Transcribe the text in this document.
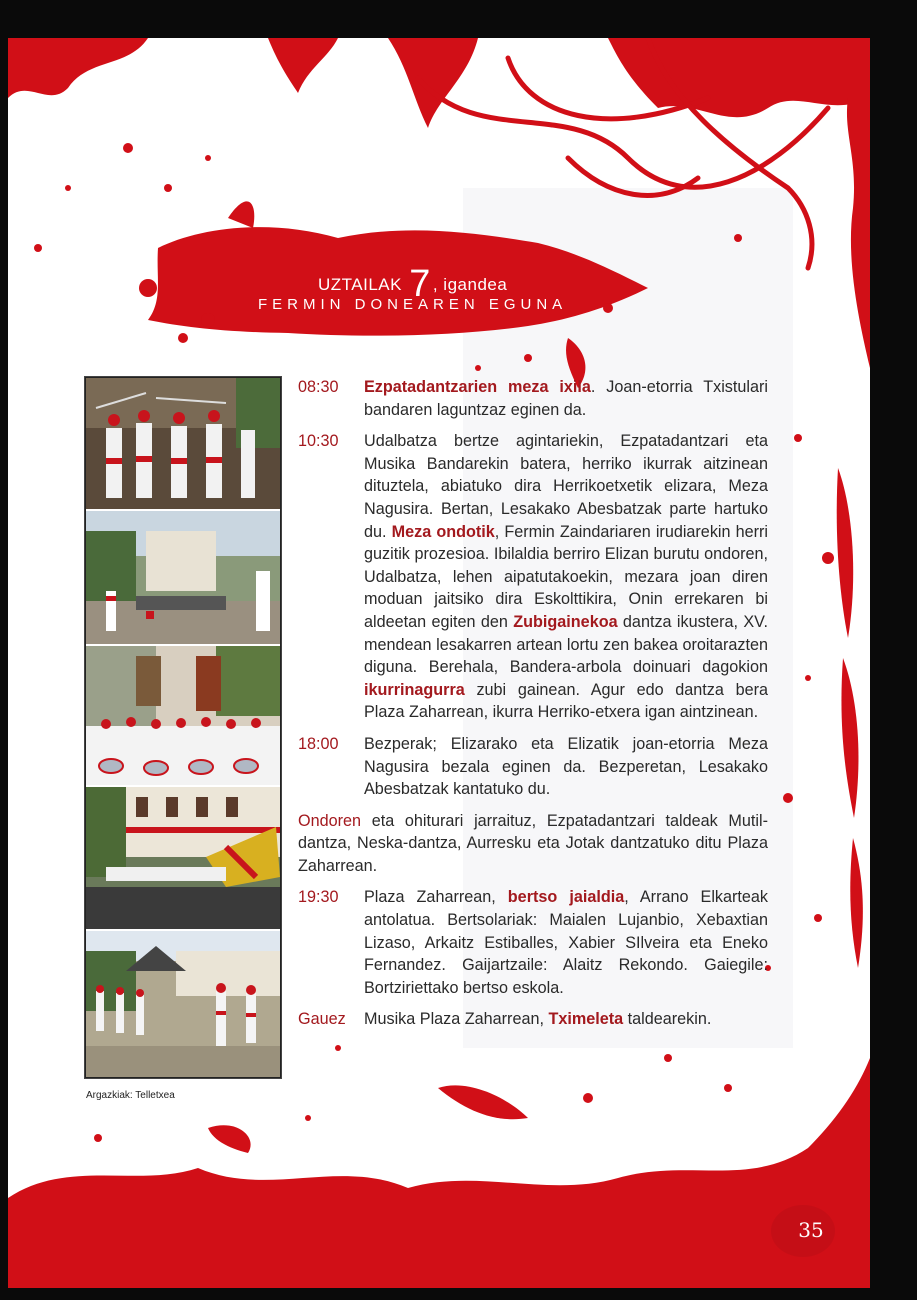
UZTAILAK 7 , igandea
FERMIN DONEAREN EGUNA
Argazkiak: Telletxea
08:30	Ezpatadantzarien meza ixila. Joan-etorria Txistulari bandaren laguntzaz eginen da.
10:30	Udalbatza bertze agintariekin, Ezpatadantzari eta Musika Bandarekin batera, herriko ikurrak aitzinean dituztela, abiatuko dira Herrikoetxetik elizara, Meza Nagusira. Bertan, Lesakako Abesbatzak parte hartuko du. Meza ondotik, Fermin Zaindariaren irudiarekin herri guzitik prozesioa. Ibilaldia berriro Elizan burutu ondoren, Udalbatza, lehen aipatutakoekin, mezara joan diren moduan jaitsiko dira Eskolttikira, Onin errekaren bi aldeetan egiten den Zubigainekoa dantza ikustera, XV. mendean lesakarren artean lortu zen bakea oroitarazten diguna. Berehala, Bandera-arbola doinuari dagokion ikurrinagurra zubi gainean. Agur edo dantza bera Plaza Zaharrean, ikurra Herriko-etxera igan aintzinean.
18:00	Bezperak; Elizarako eta Elizatik joan-etorria Meza Nagusira bezala eginen da. Bezperetan, Lesakako Abesbatzak kantatuko du.
Ondoren eta ohiturari jarraituz, Ezpatadantzari taldeak Mutil-dantza, Neska-dantza, Aurresku eta Jotak dantzatuko ditu Plaza Zaharrean.
19:30	Plaza Zaharrean, bertso jaialdia, Arrano Elkarteak antolatua. Bertsolariak: Maialen Lujanbio, Xebaxtian Lizaso, Arkaitz Estiballes, Xabier SIlveira eta Eneko Fernandez. Gaijartzaile: Alaitz Rekondo. Gaiegile: Bortziriettako bertso eskola.
Gauez	Musika Plaza Zaharrean, Tximeleta taldearekin.
35
